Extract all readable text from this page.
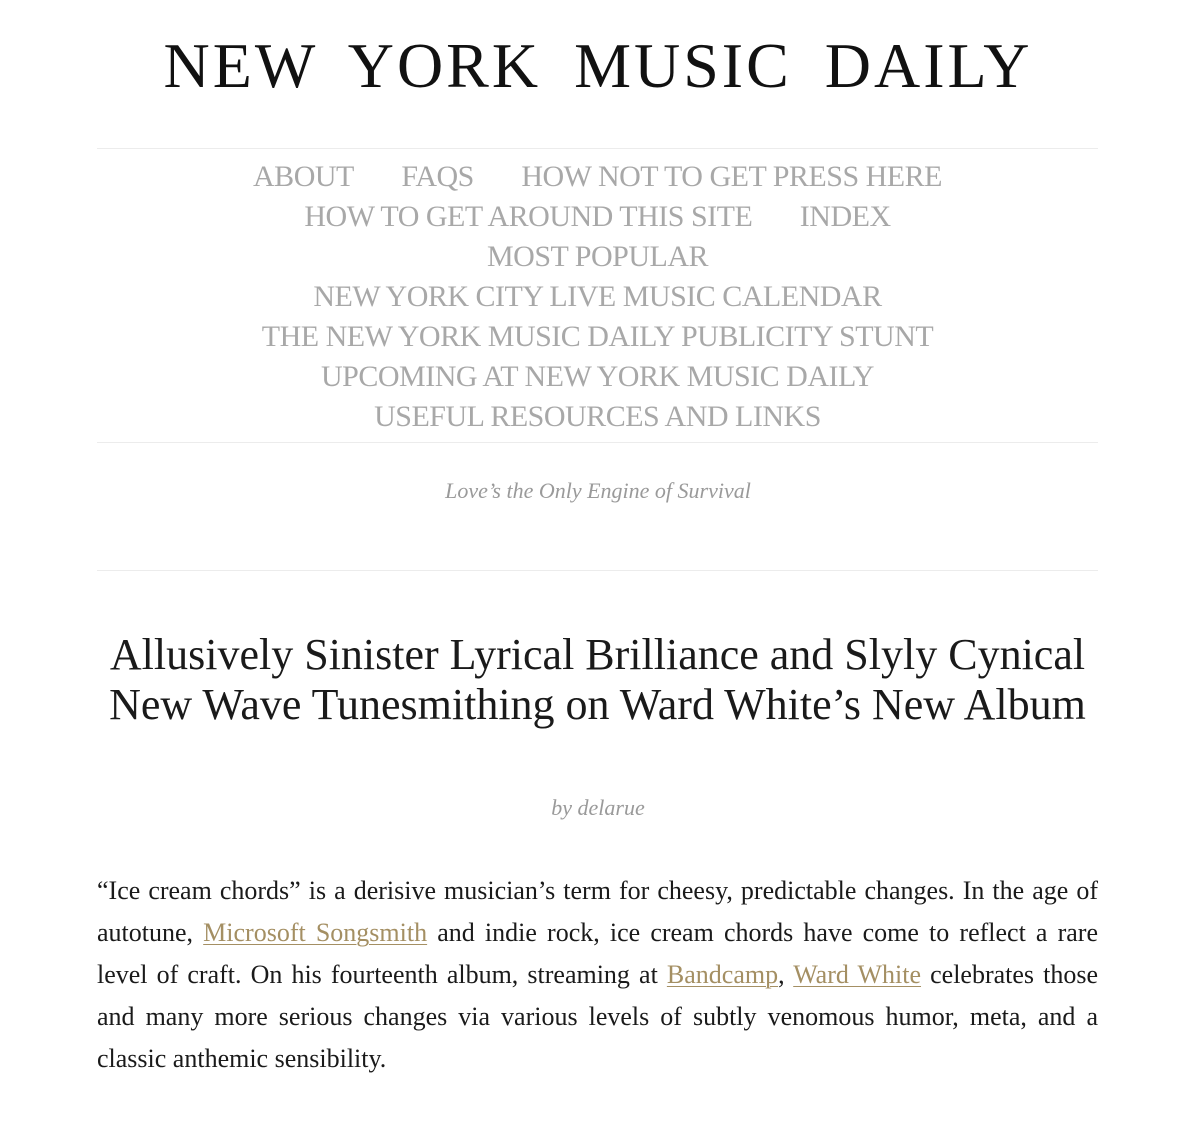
NEW YORK MUSIC DAILY
ABOUT FAQS HOW NOT TO GET PRESS HERE
HOW TO GET AROUND THIS SITE INDEX
MOST POPULAR
NEW YORK CITY LIVE MUSIC CALENDAR
THE NEW YORK MUSIC DAILY PUBLICITY STUNT
UPCOMING AT NEW YORK MUSIC DAILY
USEFUL RESOURCES AND LINKS
Love’s the Only Engine of Survival
Allusively Sinister Lyrical Brilliance and Slyly Cynical New Wave Tunesmithing on Ward White’s New Album
by delarue

“Ice cream chords” is a derisive musician’s term for cheesy, predictable changes. In the age of autotune, Microsoft Songsmith and indie rock, ice cream chords have come to reflect a rare level of craft. On his fourteenth album, streaming at Bandcamp, Ward White celebrates those and many more serious changes via various levels of subtly venomous humor, meta, and a classic anthemic sensibility.
